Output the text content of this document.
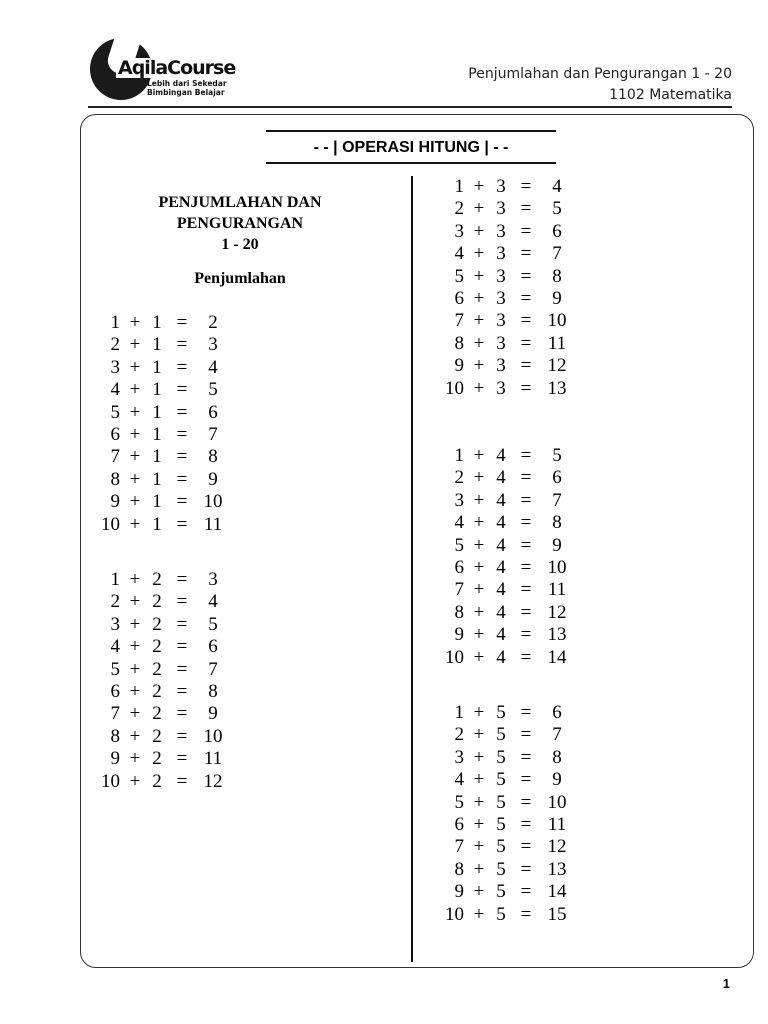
AqilaCourse
Lebih dari Sekedar
Bimbingan Belajar
Penjumlahan dan Pengurangan 1 - 20
1102 Matematika
- - | OPERASI HITUNG | - -
PENJUMLAHAN DAN
PENGURANGAN
1 - 20
Penjumlahan
1 + 1 =	2
2 + 1 =	3
3 + 1 =	4
4 + 1 =	5
5 + 1 =	6
6 + 1 =	7
7 + 1 =	8
8 + 1 =	9
9 + 1 = 10
10 + 1 = 11
1 + 2 =	3
2 + 2 =	4
3 + 2 =	5
4 + 2 =	6
5 + 2 =	7
6 + 2 =	8
7 + 2 =	9
8 + 2 = 10
9 + 2 = 11
10 + 2 = 12
1 + 3 =	4
2 + 3 =	5
3 + 3 =	6
4 + 3 =	7
5 + 3 =	8
6 + 3 =	9
7 + 3 = 10
8 + 3 = 11
9 + 3 = 12
10 + 3 = 13
1 + 4 =	5
2 + 4 =	6
3 + 4 =	7
4 + 4 =	8
5 + 4 =	9
6 + 4 = 10
7 + 4 = 11
8 + 4 = 12
9 + 4 = 13
10 + 4 = 14
1 + 5 =	6
2 + 5 =	7
3 + 5 =	8
4 + 5 =	9
5 + 5 = 10
6 + 5 = 11
7 + 5 = 12
8 + 5 = 13
9 + 5 = 14
10 + 5 = 15
1
